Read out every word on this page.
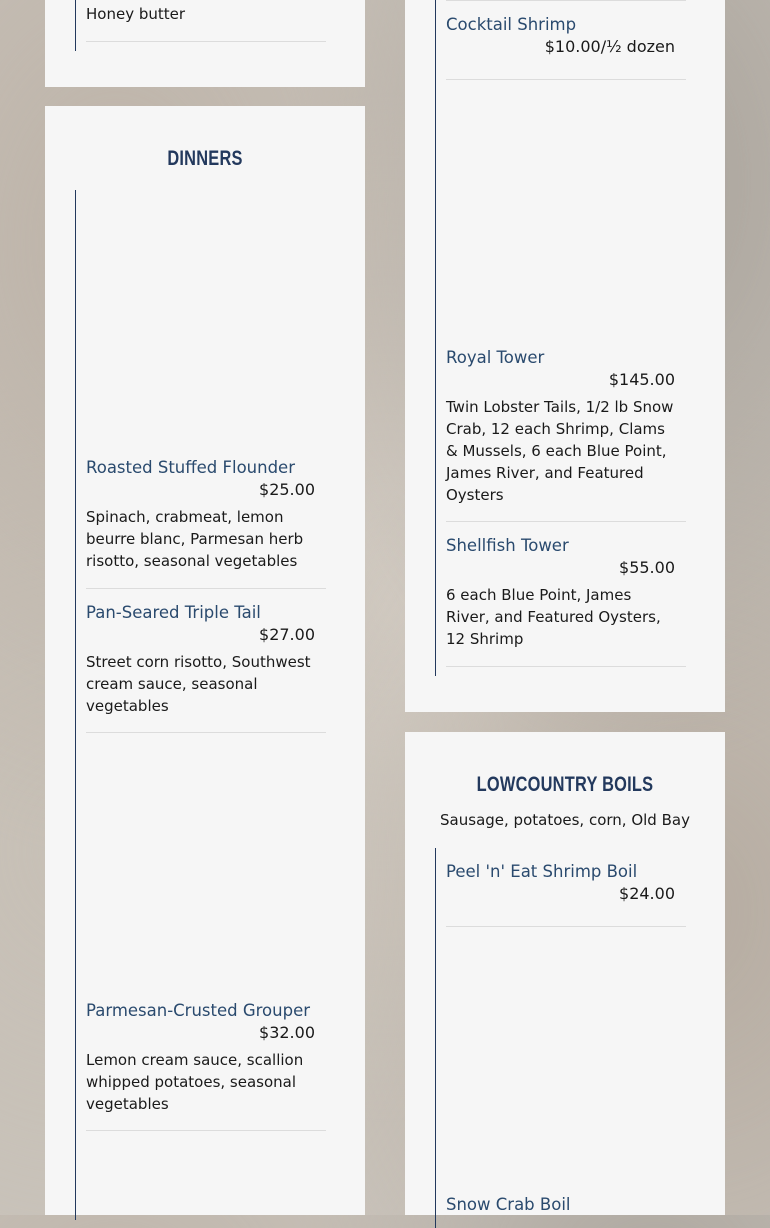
Honey butter
DINNERS
Roasted Stuffed Flounder
$25.00
Spinach, crabmeat, lemon beurre blanc, Parmesan herb risotto, seasonal vegetables
Pan-Seared Triple Tail
$27.00
Street corn risotto, Southwest cream sauce, seasonal vegetables
Parmesan-Crusted Grouper
$32.00
Lemon cream sauce, scallion whipped potatoes, seasonal vegetables
Cocktail Shrimp
$10.00/½ dozen
Royal Tower
$145.00
Twin Lobster Tails, 1/2 lb Snow Crab, 12 each Shrimp, Clams & Mussels, 6 each Blue Point, James River, and Featured Oysters
Shellfish Tower
$55.00
6 each Blue Point, James River, and Featured Oysters, 12 Shrimp
LOWCOUNTRY BOILS
Sausage, potatoes, corn, Old Bay
Peel 'n' Eat Shrimp Boil
$24.00
Snow Crab Boil
